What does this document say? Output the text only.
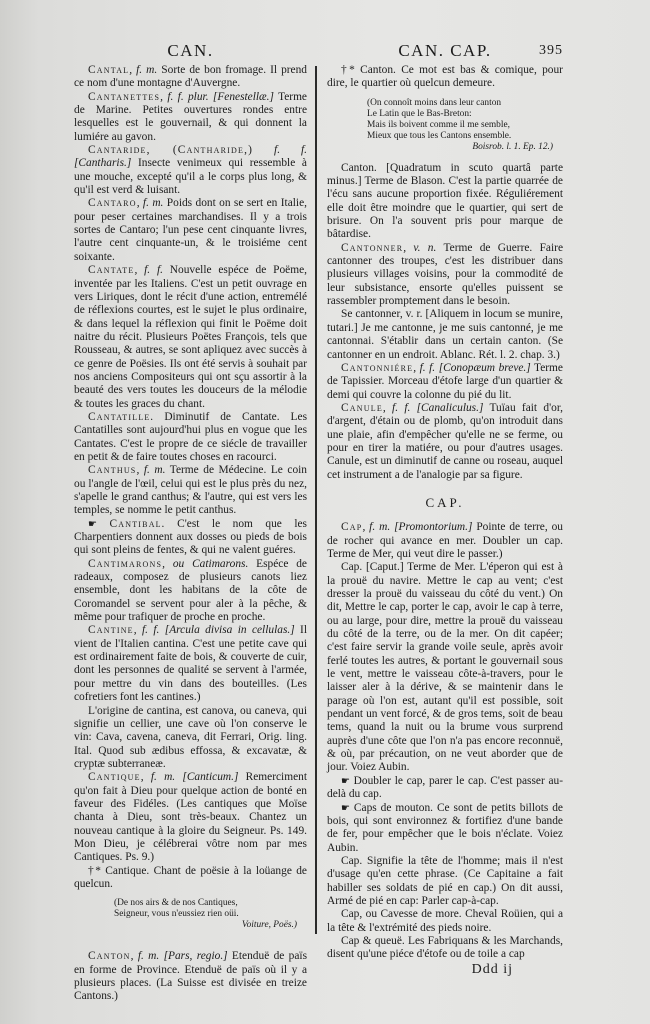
CAN.

Cantal, f. m. Sorte de bon fromage. Il prend ce nom d'une montagne d'Auvergne.

Cantanettes, f. f. plur. [Fenestellæ.] Terme de Marine. Petites ouvertures rondes entre lesquelles est le gouvernail, & qui donnent la lumiére au gavon.

Cantaride, (Cantharide,) f. f. [Cantharis.] Insecte venimeux qui ressemble à une mouche, excepté qu'il a le corps plus long, & qu'il est verd & luisant.

Cantaro, f. m. Poids dont on se sert en Italie, pour peser certaines marchandises. Il y a trois sortes de Cantaro; l'un pese cent cinquante livres, l'autre cent cinquante-un, & le troisiéme cent soixante.

Cantate, f. f. Nouvelle espéce de Poëme, inventée par les Italiens. C'est un petit ouvrage en vers Liriques, dont le récit d'une action, entremélé de réflexions courtes, est le sujet le plus ordinaire, & dans lequel la réflexion qui finit le Poëme doit naitre du récit. Plusieurs Poëtes François, tels que Rousseau, & autres, se sont apliquez avec succès à ce genre de Poësies. Ils ont été servis à souhait par nos anciens Compositeurs qui ont sçu assortir à la beauté des vers toutes les douceurs de la mélodie & toutes les graces du chant.

Cantatille. Diminutif de Cantate. Les Cantatilles sont aujourd'hui plus en vogue que les Cantates. C'est le propre de ce siécle de travailler en petit & de faire toutes choses en racourci.

Canthus, f. m. Terme de Médecine. Le coin ou l'angle de l'œil, celui qui est le plus près du nez, s'apelle le grand canthus; & l'autre, qui est vers les temples, se nomme le petit canthus.

☛ Cantibal. C'est le nom que les Charpentiers donnent aux dosses ou pieds de bois qui sont pleins de fentes, & qui ne valent guéres.

Cantimarons, ou Catimarons. Espéce de radeaux, composez de plusieurs canots liez ensemble, dont les habitans de la côte de Coromandel se servent pour aler à la pêche, & même pour trafiquer de proche en proche.

Cantine, f. f. [Arcula divisa in cellulas.] Il vient de l'Italien cantina. C'est une petite cave qui est ordinairement faite de bois, & couverte de cuir, dont les personnes de qualité se servent à l'armée, pour mettre du vin dans des bouteilles. (Les cofretiers font les cantines.)

L'origine de cantina, est canova, ou caneva, qui signifie un cellier, une cave où l'on conserve le vin: Cava, cavena, caneva, dit Ferrari, Orig. ling. Ital. Quod sub ædibus effossa, & excavatæ, & cryptæ subterraneæ.

Cantique, f. m. [Canticum.] Remerciment qu'on fait à Dieu pour quelque action de bonté en faveur des Fidéles. (Les cantiques que Moïse chanta à Dieu, sont très-beaux. Chantez un nouveau cantique à la gloire du Seigneur. Ps. 149. Mon Dieu, je célébrerai vôtre nom par mes Cantiques. Ps. 9.)

†* Cantique. Chant de poësie à la loüange de quelcun.

(De nos airs & de nos Cantiques,
Seigneur, vous n'eussiez rien oüi.
Voiture, Poës.)

Canton, f. m. [Pars, regio.] Etenduë de païs en forme de Province. Etenduë de païs où il y a plusieurs places. (La Suisse est divisée en treize Cantons.)

CAN. CAP.	395

†* Canton. Ce mot est bas & comique, pour dire, le quartier où quelcun demeure.

(On connoît moins dans leur canton
Le Latin que le Bas-Breton:
Mais ils boivent comme il me semble,
Mieux que tous les Cantons ensemble.
Boisrob. l. 1. Ep. 12.)

Canton. [Quadratum in scuto quartâ parte minus.] Terme de Blason. C'est la partie quarrée de l'écu sans aucune proportion fixée. Réguliérement elle doit être moindre que le quartier, qui sert de brisure. On l'a souvent pris pour marque de bâtardise.

Cantonner, v. n. Terme de Guerre. Faire cantonner des troupes, c'est les distribuer dans plusieurs villages voisins, pour la commodité de leur subsistance, ensorte qu'elles puissent se rassembler promptement dans le besoin.

Se cantonner, v. r. [Aliquem in locum se munire, tutari.] Je me cantonne, je me suis cantonné, je me cantonnai. S'établir dans un certain canton. (Se cantonner en un endroit. Ablanc. Rét. l. 2. chap. 3.)

Cantonniére, f. f. [Conopæum breve.] Terme de Tapissier. Morceau d'étofe large d'un quartier & demi qui couvre la colonne du pié du lit.

Canule, f. f. [Canaliculus.] Tuïau fait d'or, d'argent, d'étain ou de plomb, qu'on introduit dans une plaie, afin d'empêcher qu'elle ne se ferme, ou pour en tirer la matiére, ou pour d'autres usages. Canule, est un diminutif de canne ou roseau, auquel cet instrument a de l'analogie par sa figure.

CAP.

Cap, f. m. [Promontorium.] Pointe de terre, ou de rocher qui avance en mer. Doubler un cap. Terme de Mer, qui veut dire le passer.)

Cap. [Caput.] Terme de Mer. L'éperon qui est à la prouë du navire. Mettre le cap au vent; c'est dresser la prouë du vaisseau du côté du vent.) On dit, Mettre le cap, porter le cap, avoir le cap à terre, ou au large, pour dire, mettre la prouë du vaisseau du côté de la terre, ou de la mer. On dit capéer; c'est faire servir la grande voile seule, après avoir ferlé toutes les autres, & portant le gouvernail sous le vent, mettre le vaisseau côte-à-travers, pour le laisser aler à la dérive, & se maintenir dans le parage où l'on est, autant qu'il est possible, soit pendant un vent forcé, & de gros tems, soit de beau tems, quand la nuit ou la brume vous surprend auprès d'une côte que l'on n'a pas encore reconnuë, & où, par précaution, on ne veut aborder que de jour. Voiez Aubin.

☛ Doubler le cap, parer le cap. C'est passer au-delà du cap.

☛ Caps de mouton. Ce sont de petits billots de bois, qui sont environnez & fortifiez d'une bande de fer, pour empêcher que le bois n'éclate. Voiez Aubin.

Cap. Signifie la tête de l'homme; mais il n'est d'usage qu'en cette phrase. (Ce Capitaine a fait habiller ses soldats de pié en cap.) On dit aussi, Armé de pié en cap: Parler cap-à-cap.

Cap, ou Cavesse de more. Cheval Roüien, qui a la tête & l'extrémité des pieds noire.

Cap & queuë. Les Fabriquans & les Marchands, disent qu'une piéce d'étofe ou de toile a cap

Ddd ij
